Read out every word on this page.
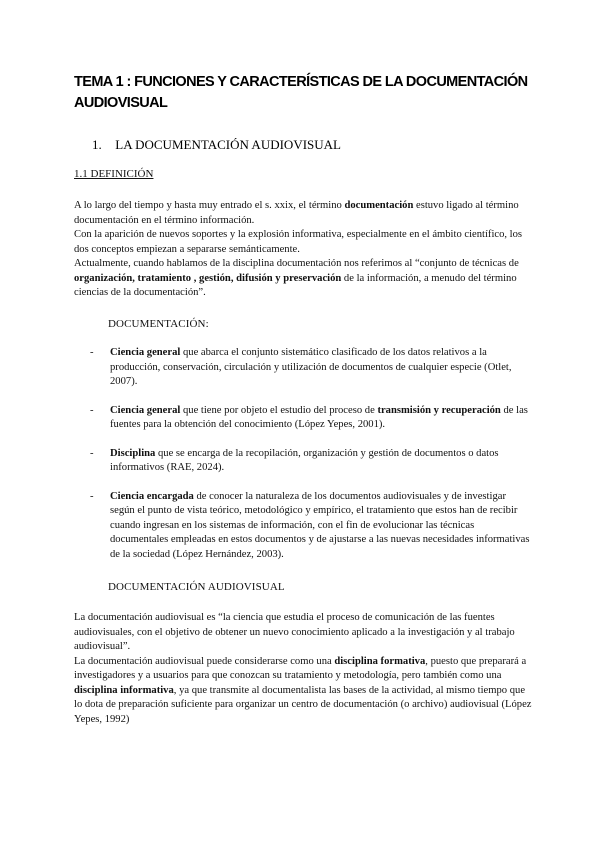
TEMA 1 : FUNCIONES Y CARACTERÍSTICAS DE LA DOCUMENTACIÓN AUDIOVISUAL
1. LA DOCUMENTACIÓN AUDIOVISUAL
1.1 DEFINICIÓN
A lo largo del tiempo y hasta muy entrado el s. xxix, el término documentación estuvo ligado al término documentación en el término información.
Con la aparición de nuevos soportes y la explosión informativa, especialmente en el ámbito científico, los dos conceptos empiezan a separarse semánticamente.
Actualmente, cuando hablamos de la disciplina documentación nos referimos al “conjunto de técnicas de organización, tratamiento , gestión, difusión y preservación de la información, a menudo del término ciencias de la documentación”.
DOCUMENTACIÓN:
- Ciencia general que abarca el conjunto sistemático clasificado de los datos relativos a la producción, conservación, circulación y utilización de documentos de cualquier especie (Otlet, 2007).
- Ciencia general que tiene por objeto el estudio del proceso de transmisión y recuperación de las fuentes para la obtención del conocimiento (López Yepes, 2001).
- Disciplina que se encarga de la recopilación, organización y gestión de documentos o datos informativos (RAE, 2024).
- Ciencia encargada de conocer la naturaleza de los documentos audiovisuales y de investigar según el punto de vista teórico, metodológico y empírico, el tratamiento que estos han de recibir cuando ingresan en los sistemas de información, con el fin de evolucionar las técnicas documentales empleadas en estos documentos y de ajustarse a las nuevas necesidades informativas de la sociedad (López Hernández, 2003).
DOCUMENTACIÓN AUDIOVISUAL
La documentación audiovisual es “la ciencia que estudia el proceso de comunicación de las fuentes audiovisuales, con el objetivo de obtener un nuevo conocimiento aplicado a la investigación y al trabajo audiovisual”.
La documentación audiovisual puede considerarse como una disciplina formativa, puesto que preparará a investigadores y a usuarios para que conozcan su tratamiento y metodología, pero también como una disciplina informativa, ya que transmite al documentalista las bases de la actividad, al mismo tiempo que lo dota de preparación suficiente para organizar un centro de documentación (o archivo) audiovisual (López Yepes, 1992)
